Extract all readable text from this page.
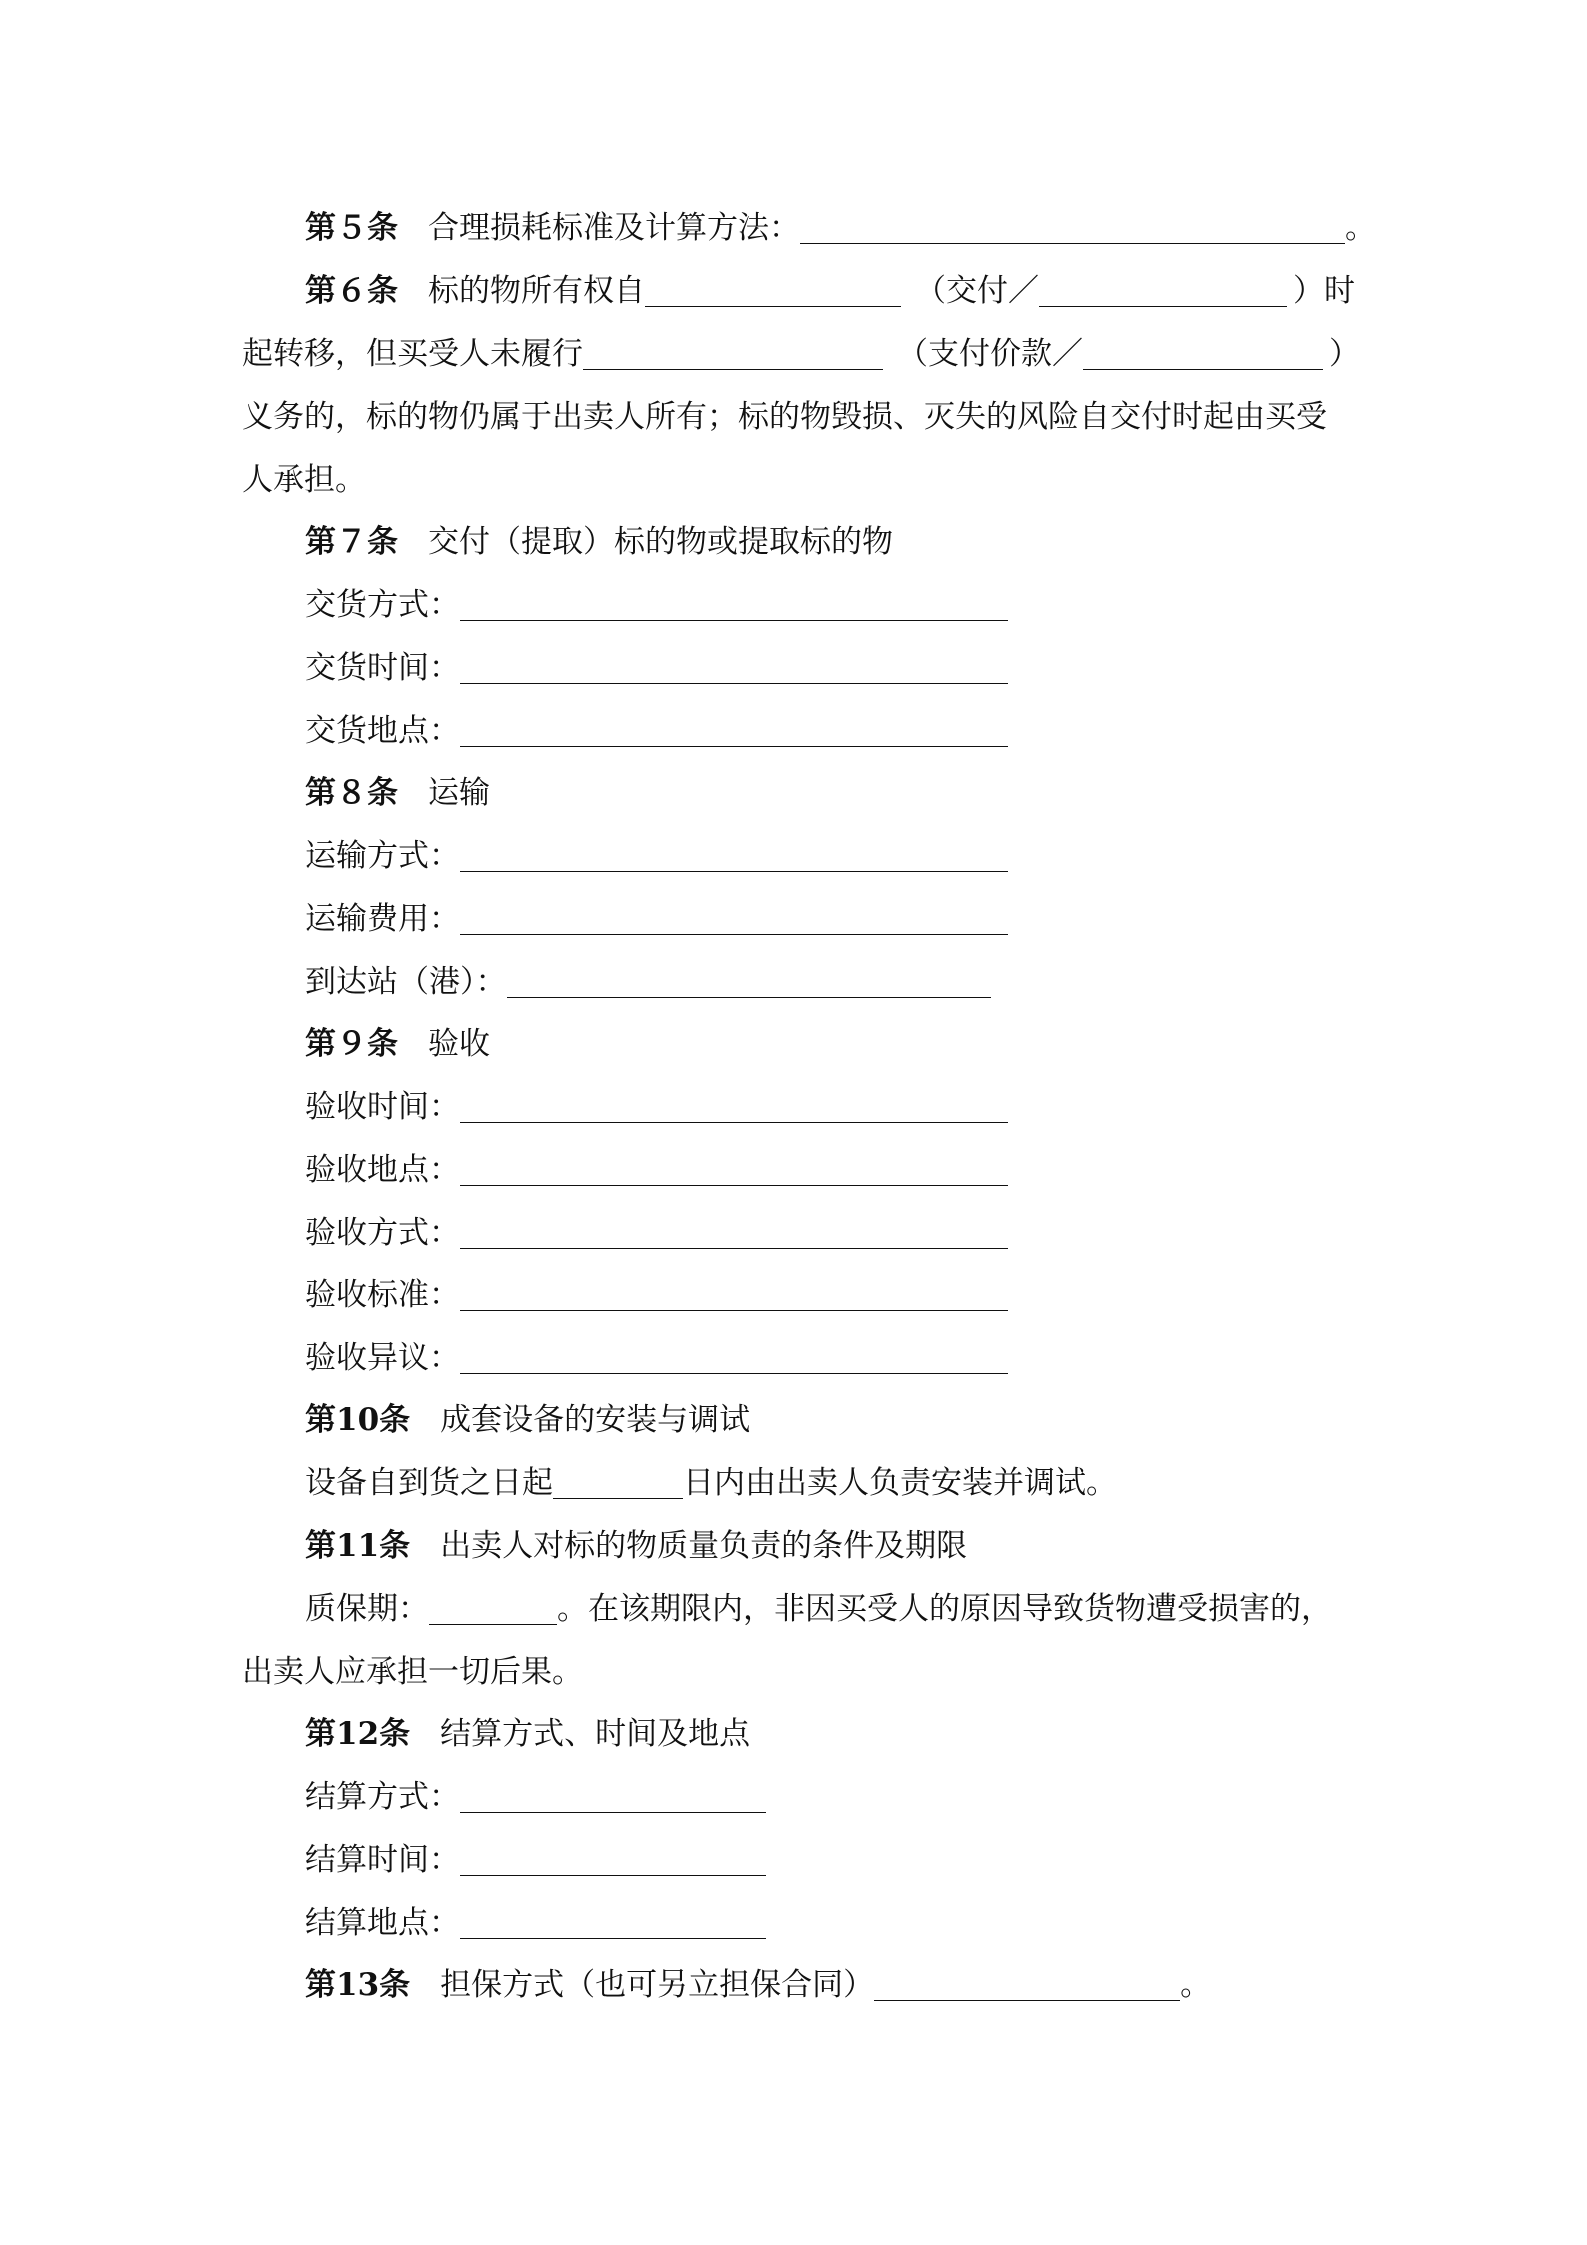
第５条 合理损耗标准及计算方法：	。
第６条 标的物所有权自	（交付／	）时
起转移，但买受人未履行	（支付价款／	）
义务的，标的物仍属于出卖人所有；标的物毁损、灭失的风险自交付时起由买受
人承担。
第７条 交付（提取）标的物或提取标的物
交货方式：
交货时间：
交货地点：
第８条 运输
运输方式：
运输费用：
到达站（港）：
第９条 验收
验收时间：
验收地点：
验收方式：
验收标准：
验收异议：
第10条 成套设备的安装与调试
设备自到货之日起	日内由出卖人负责安装并调试。
第11条 出卖人对标的物质量负责的条件及期限
质保期：	。在该期限内，非因买受人的原因导致货物遭受损害的，
出卖人应承担一切后果。
第12条 结算方式、时间及地点
结算方式：
结算时间：
结算地点：
第13条 担保方式（也可另立担保合同）	。
